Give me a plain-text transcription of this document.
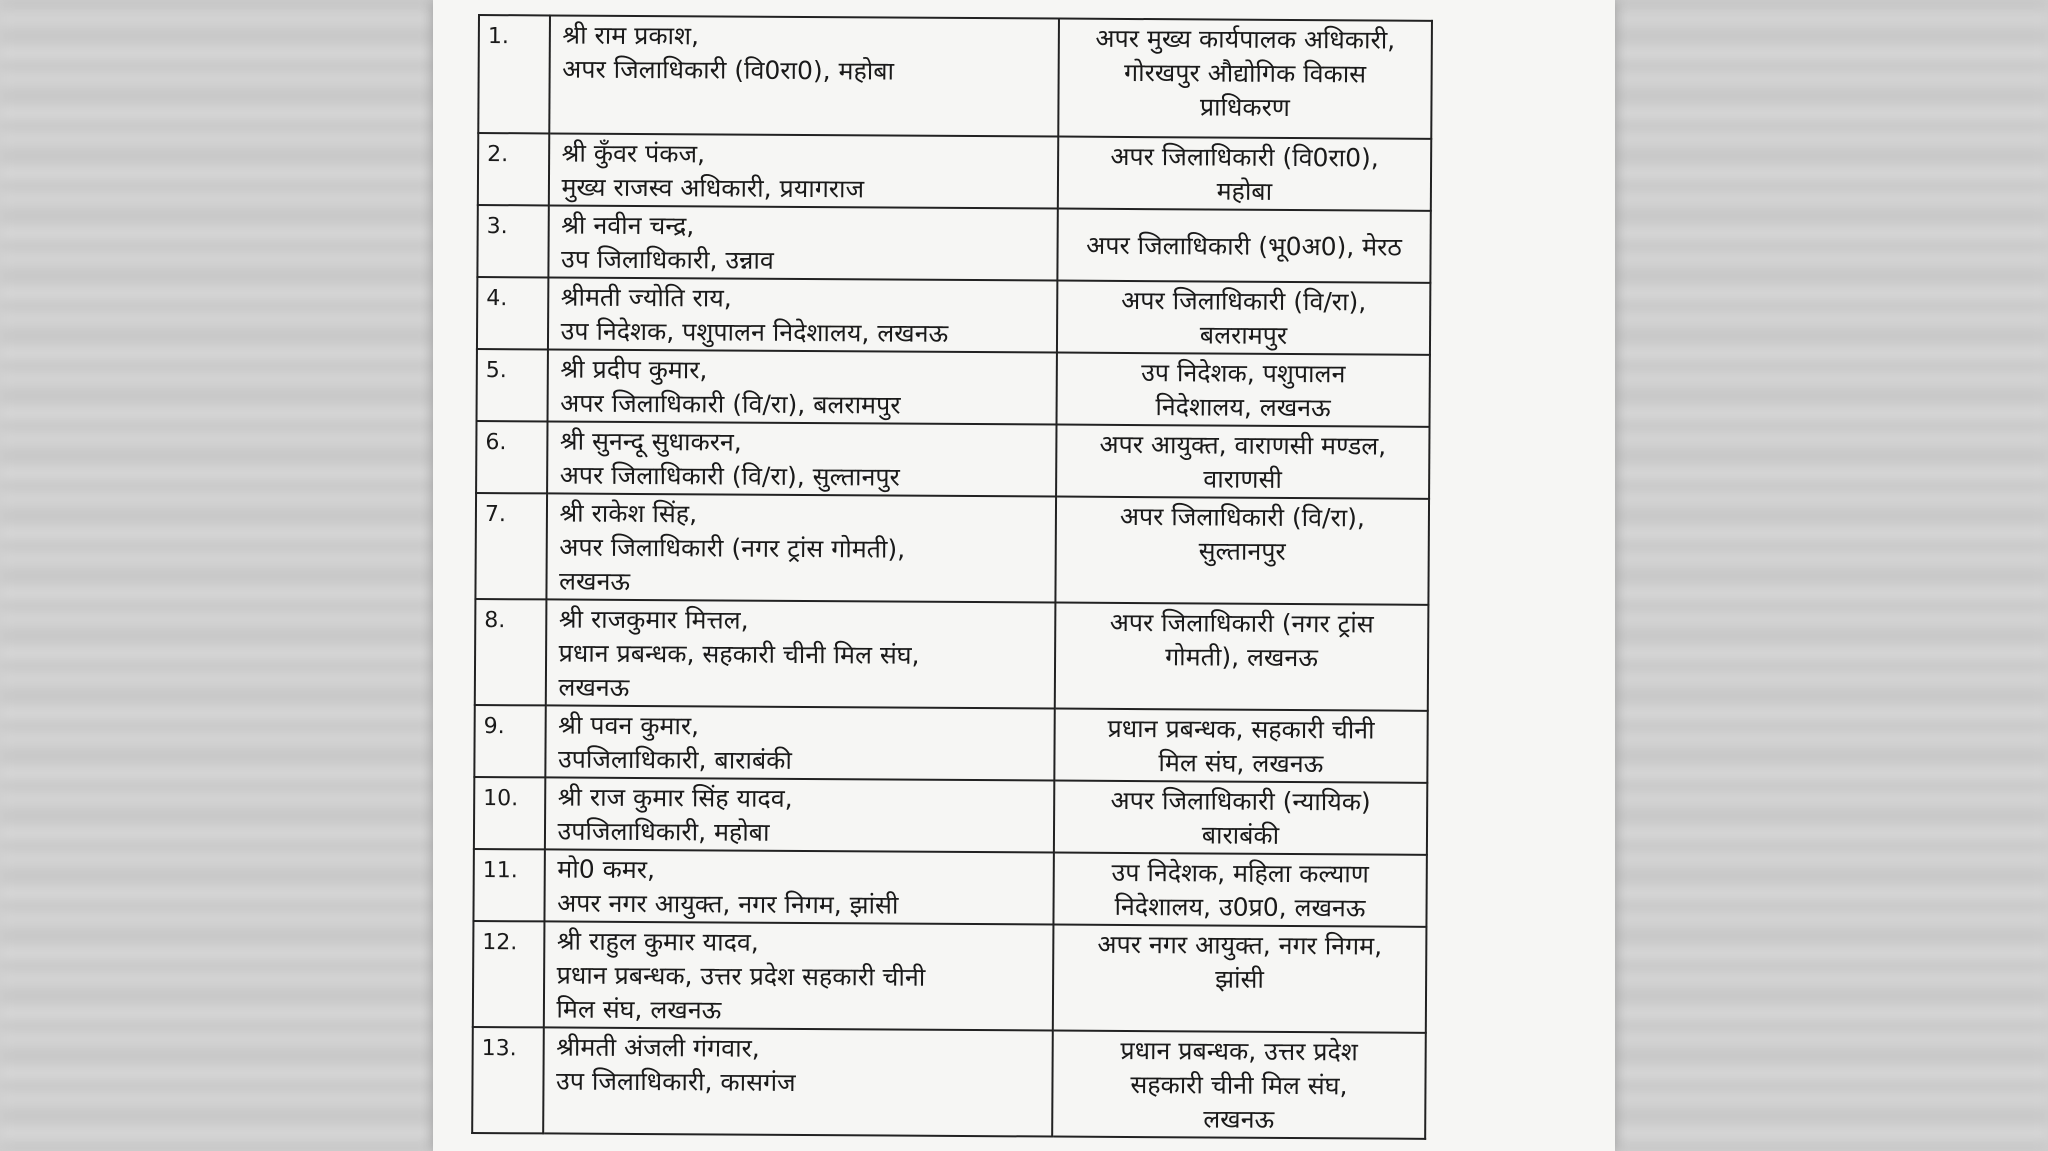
1.	श्री राम प्रकाश,
अपर जिलाधिकारी (वि0रा0), महोबा	अपर मुख्य कार्यपालक अधिकारी,
गोरखपुर औद्योगिक विकास
प्राधिकरण

2.	श्री कुँवर पंकज,
मुख्य राजस्व अधिकारी, प्रयागराज	अपर जिलाधिकारी (वि0रा0),
महोबा

3.	श्री नवीन चन्द्र,
उप जिलाधिकारी, उन्नाव	अपर जिलाधिकारी (भू0अ0), मेरठ

4.	श्रीमती ज्योति राय,
उप निदेशक, पशुपालन निदेशालय, लखनऊ	अपर जिलाधिकारी (वि/रा),
बलरामपुर

5.	श्री प्रदीप कुमार,
अपर जिलाधिकारी (वि/रा), बलरामपुर	उप निदेशक, पशुपालन
निदेशालय, लखनऊ

6.	श्री सुनन्दू सुधाकरन,
अपर जिलाधिकारी (वि/रा), सुल्तानपुर	अपर आयुक्त, वाराणसी मण्डल,
वाराणसी

7.	श्री राकेश सिंह,
अपर जिलाधिकारी (नगर ट्रांस गोमती),
लखनऊ	अपर जिलाधिकारी (वि/रा),
सुल्तानपुर

8.	श्री राजकुमार मित्तल,
प्रधान प्रबन्धक, सहकारी चीनी मिल संघ,
लखनऊ	अपर जिलाधिकारी (नगर ट्रांस
गोमती), लखनऊ

9.	श्री पवन कुमार,
उपजिलाधिकारी, बाराबंकी	प्रधान प्रबन्धक, सहकारी चीनी
मिल संघ, लखनऊ

10.	श्री राज कुमार सिंह यादव,
उपजिलाधिकारी, महोबा	अपर जिलाधिकारी (न्यायिक)
बाराबंकी

11.	मो0 कमर,
अपर नगर आयुक्त, नगर निगम, झांसी	उप निदेशक, महिला कल्याण
निदेशालय, उ0प्र0, लखनऊ

12.	श्री राहुल कुमार यादव,
प्रधान प्रबन्धक, उत्तर प्रदेश सहकारी चीनी
मिल संघ, लखनऊ	अपर नगर आयुक्त, नगर निगम,
झांसी

13.	श्रीमती अंजली गंगवार,
उप जिलाधिकारी, कासगंज	प्रधान प्रबन्धक, उत्तर प्रदेश
सहकारी चीनी मिल संघ,
लखनऊ
